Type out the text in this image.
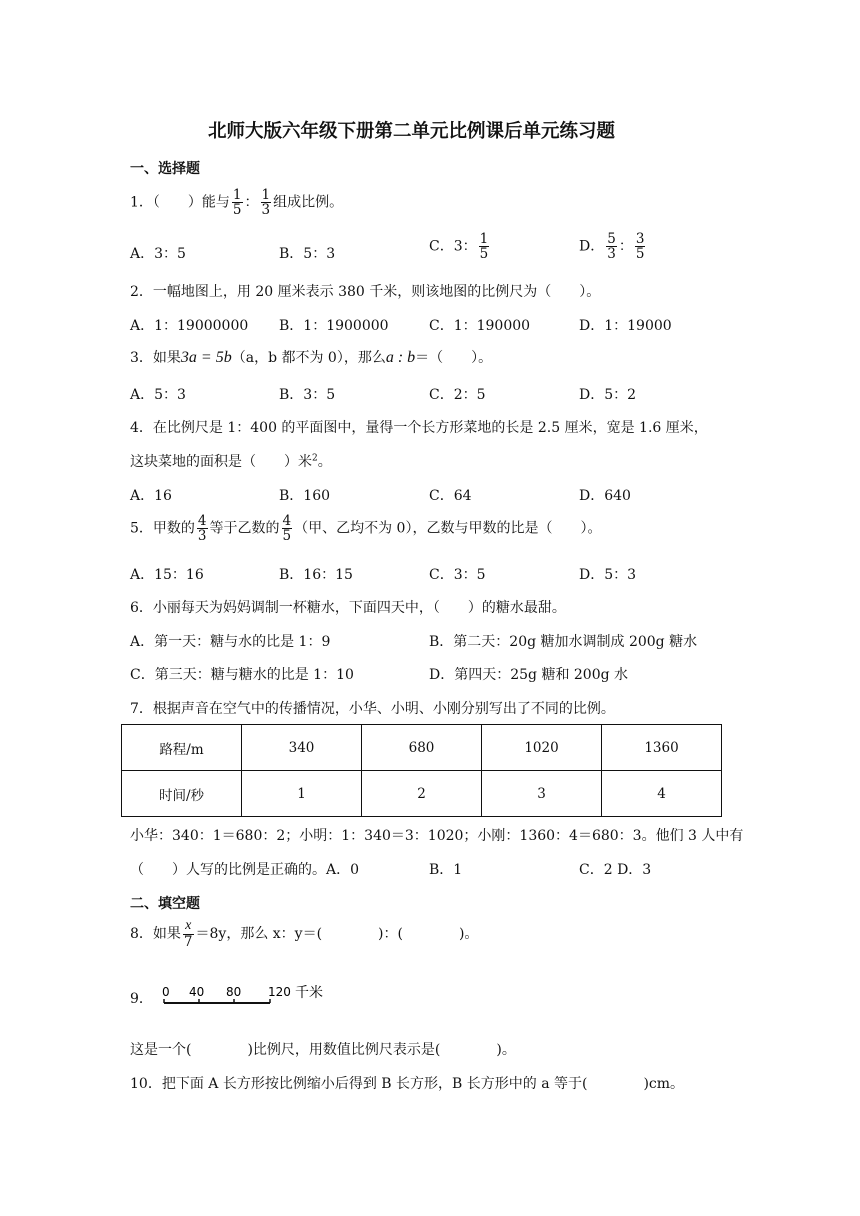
北师大版六年级下册第二单元比例课后单元练习题
一、选择题
1．（　　）能与 $\frac{1}{5}$ ： $\frac{1}{3}$ 组成比例。
A．3：5	B．5：3	C．3： $\frac{1}{5}$	D． $\frac{5}{3}$ ： $\frac{3}{5}$
2．一幅地图上，用 20 厘米表示 380 千米，则该地图的比例尺为（　　）。
A．1：19000000 B．1：1900000	C．1：190000	D．1：19000
3．如果3a = 5b（a，b 都不为 0），那么a : b＝（　　）。
A．5：3	B．3：5	C．2：5	D．5：2
4．在比例尺是 1：400 的平面图中，量得一个长方形菜地的长是 2.5 厘米，宽是 1.6 厘米，
这块菜地的面积是（　　）米$^2$。
A．16	B．160	C．64	D．640
5．甲数的 $\frac{4}{3}$ 等于乙数的 $\frac{4}{5}$ （甲、乙均不为 0），乙数与甲数的比是（　　）。
A．15：16	B．16：15	C．3：5	D．5：3
6．小丽每天为妈妈调制一杯糖水，下面四天中，（　　）的糖水最甜。
A．第一天：糖与水的比是 1：9	B．第二天：20g 糖加水调制成 200g 糖水
C．第三天：糖与糖水的比是 1：10	D．第四天：25g 糖和 200g 水
7．根据声音在空气中的传播情况，小华、小明、小刚分别写出了不同的比例。
路程/m	340	680	1020	1360
时间/秒	1	2	3	4
小华：340：1＝680：2；小明：1：340＝3：1020；小刚：1360：4＝680：3。他们 3 人中有
（　　）人写的比例是正确的。A．0	B．1	C．2 D．3
二、填空题
8．如果 $\frac{x}{7} =8y$，那么 x：y＝(　　　　)：(　　　　)。
9． 0 40 80 120 千米
这是一个(　　　　)比例尺，用数值比例尺表示是(　　　　)。
10．把下面 A 长方形按比例缩小后得到 B 长方形，B 长方形中的 a 等于(　　　　)cm。
